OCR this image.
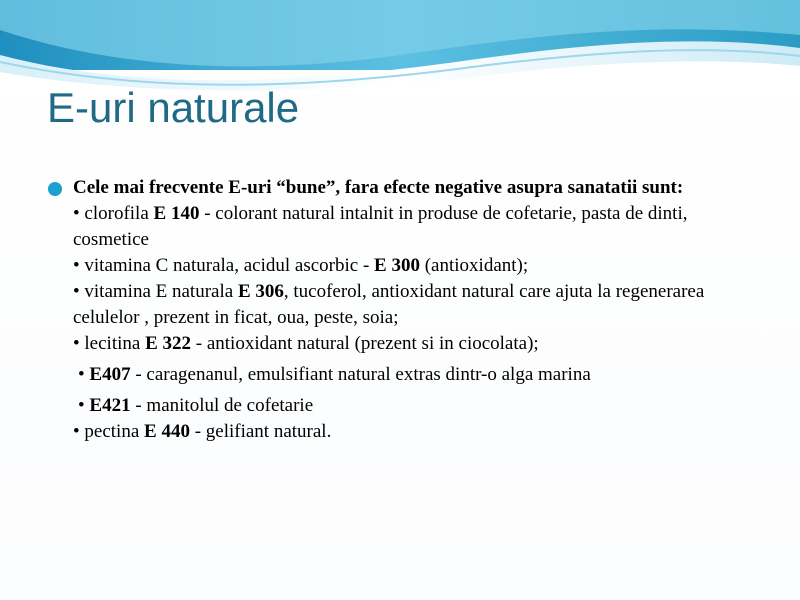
E-uri naturale
Cele mai frecvente E-uri “bune”, fara efecte negative asupra sanatatii sunt:
• clorofila E 140 - colorant natural intalnit in produse de cofetarie, pasta de dinti, cosmetice
• vitamina C naturala, acidul ascorbic - E 300 (antioxidant);
• vitamina E naturala E 306, tucoferol, antioxidant natural care ajuta la regenerarea celulelor , prezent in ficat, oua, peste, soia;
• lecitina E 322 - antioxidant natural (prezent si in ciocolata);
• E407 - caragenanul, emulsifiant natural extras dintr-o alga marina
• E421 - manitolul de cofetarie
• pectina E 440 - gelifiant natural.
